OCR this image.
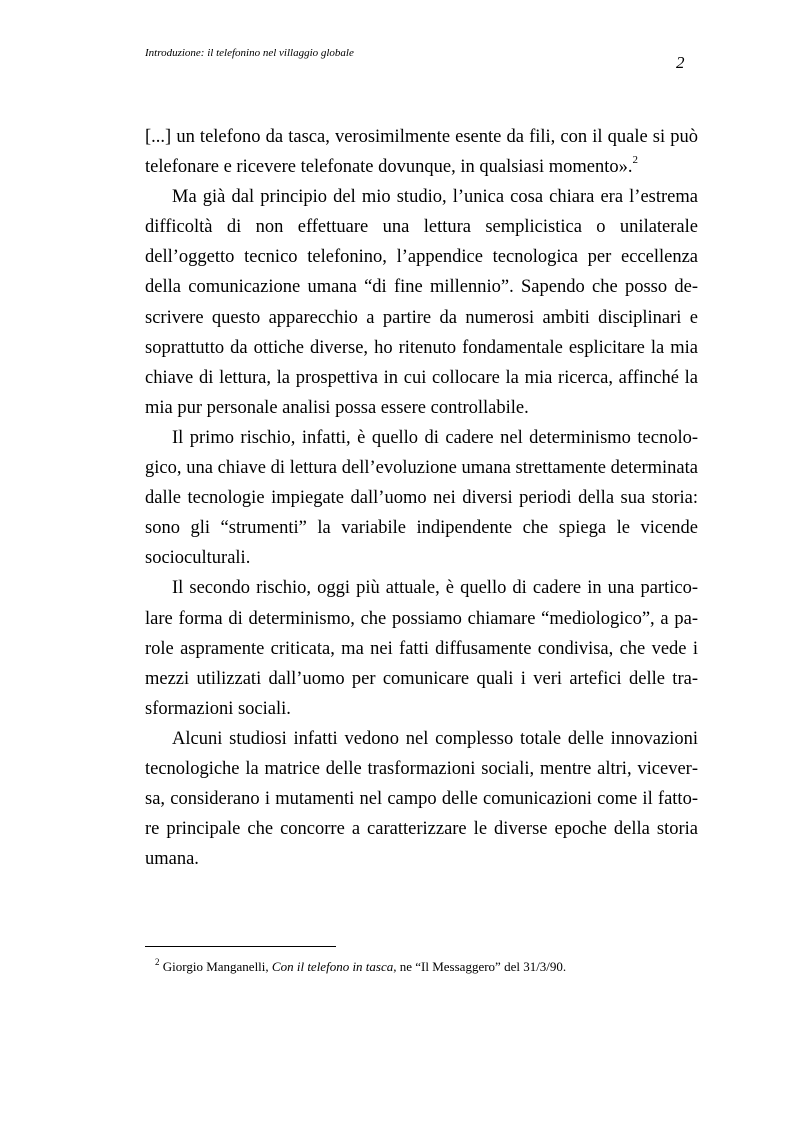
Introduzione: il telefonino nel villaggio globale	2

[...] un telefono da tasca, verosimilmente esente da fili, con il quale si può telefonare e ricevere telefonate dovunque, in qualsiasi momento».$^2$

Ma già dal principio del mio studio, l’unica cosa chiara era l’estrema difficoltà di non effettuare una lettura semplicistica o unilaterale dell’oggetto tecnico telefonino, l’appendice tecnologica per eccellenza della comunicazione umana “di fine millennio”. Sapendo che posso descrivere questo apparecchio a partire da numerosi ambiti disciplinari e soprattutto da ottiche diverse, ho ritenuto fondamentale esplicitare la mia chiave di lettura, la prospettiva in cui collocare la mia ricerca, affinché la mia pur personale analisi possa essere controllabile.

Il primo rischio, infatti, è quello di cadere nel determinismo tecnologico, una chiave di lettura dell’evoluzione umana strettamente determinata dalle tecnologie impiegate dall’uomo nei diversi periodi della sua storia: sono gli “strumenti” la variabile indipendente che spiega le vicende socioculturali.

Il secondo rischio, oggi più attuale, è quello di cadere in una particolare forma di determinismo, che possiamo chiamare “mediologico”, a parole aspramente criticata, ma nei fatti diffusamente condivisa, che vede i mezzi utilizzati dall’uomo per comunicare quali i veri artefici delle trasformazioni sociali.

Alcuni studiosi infatti vedono nel complesso totale delle innovazioni tecnologiche la matrice delle trasformazioni sociali, mentre altri, viceversa, considerano i mutamenti nel campo delle comunicazioni come il fattore principale che concorre a caratterizzare le diverse epoche della storia umana.

$^2$ Giorgio Manganelli, Con il telefono in tasca, ne “Il Messaggero” del 31/3/90.
